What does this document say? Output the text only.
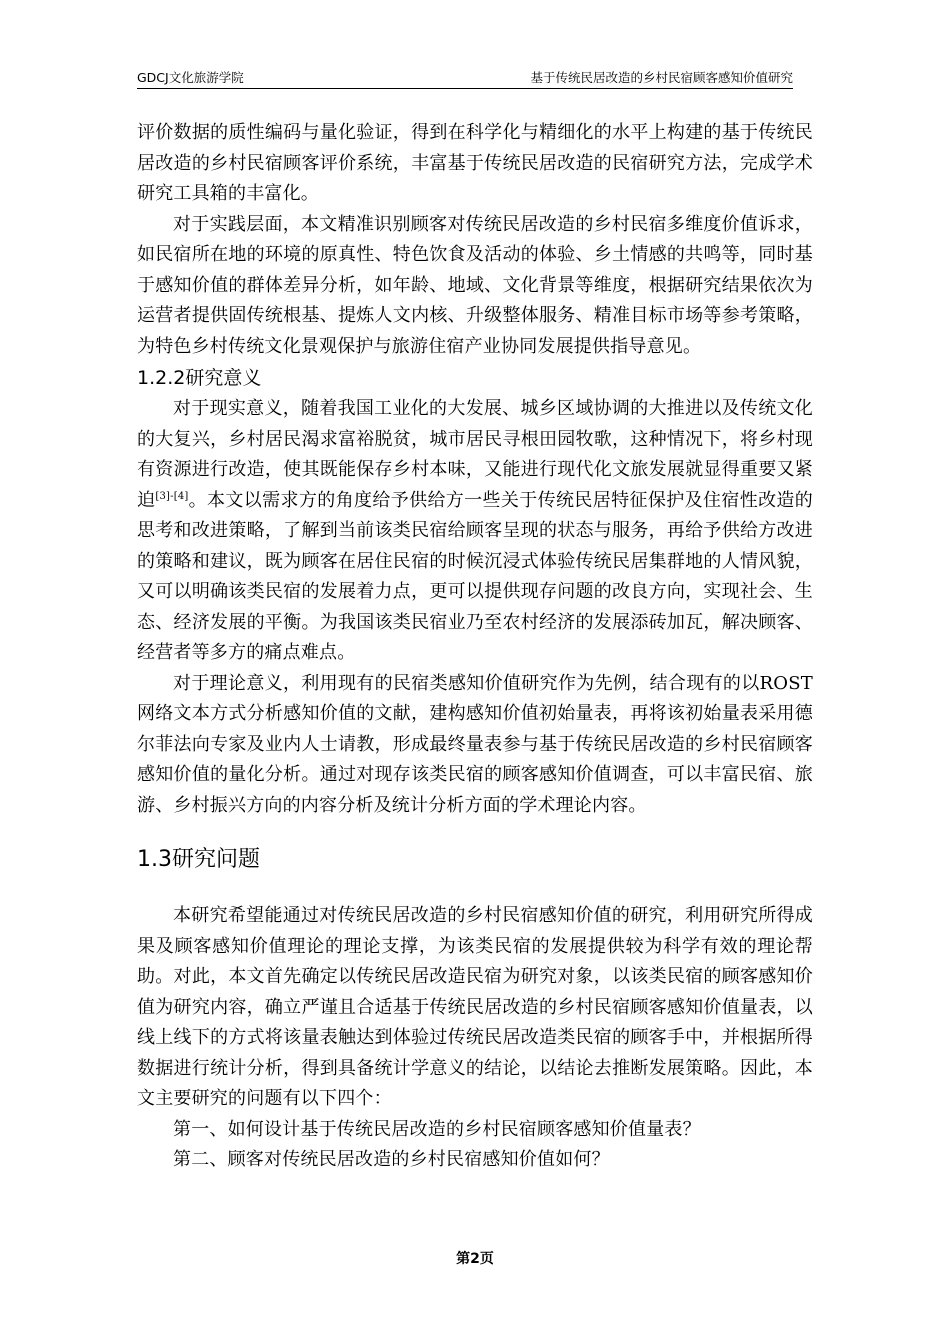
GDCJ文化旅游学院	基于传统民居改造的乡村民宿顾客感知价值研究

评价数据的质性编码与量化验证，得到在科学化与精细化的水平上构建的基于传统民居改造的乡村民宿顾客评价系统，丰富基于传统民居改造的民宿研究方法，完成学术研究工具箱的丰富化。

对于实践层面，本文精准识别顾客对传统民居改造的乡村民宿多维度价值诉求，如民宿所在地的环境的原真性、特色饮食及活动的体验、乡土情感的共鸣等，同时基于感知价值的群体差异分析，如年龄、地域、文化背景等维度，根据研究结果依次为运营者提供固传统根基、提炼人文内核、升级整体服务、精准目标市场等参考策略，为特色乡村传统文化景观保护与旅游住宿产业协同发展提供指导意见。

1.2.2研究意义

对于现实意义，随着我国工业化的大发展、城乡区域协调的大推进以及传统文化的大复兴，乡村居民渴求富裕脱贫，城市居民寻根田园牧歌，这种情况下，将乡村现有资源进行改造，使其既能保存乡村本味，又能进行现代化文旅发展就显得重要又紧迫[3]-[4]。本文以需求方的角度给予供给方一些关于传统民居特征保护及住宿性改造的思考和改进策略，了解到当前该类民宿给顾客呈现的状态与服务，再给予供给方改进的策略和建议，既为顾客在居住民宿的时候沉浸式体验传统民居集群地的人情风貌，又可以明确该类民宿的发展着力点，更可以提供现存问题的改良方向，实现社会、生态、经济发展的平衡。为我国该类民宿业乃至农村经济的发展添砖加瓦，解决顾客、经营者等多方的痛点难点。

对于理论意义，利用现有的民宿类感知价值研究作为先例，结合现有的以ROST网络文本方式分析感知价值的文献，建构感知价值初始量表，再将该初始量表采用德尔菲法向专家及业内人士请教，形成最终量表参与基于传统民居改造的乡村民宿顾客感知价值的量化分析。通过对现存该类民宿的顾客感知价值调查，可以丰富民宿、旅游、乡村振兴方向的内容分析及统计分析方面的学术理论内容。

1.3研究问题

本研究希望能通过对传统民居改造的乡村民宿感知价值的研究，利用研究所得成果及顾客感知价值理论的理论支撑，为该类民宿的发展提供较为科学有效的理论帮助。对此，本文首先确定以传统民居改造民宿为研究对象，以该类民宿的顾客感知价值为研究内容，确立严谨且合适基于传统民居改造的乡村民宿顾客感知价值量表，以线上线下的方式将该量表触达到体验过传统民居改造类民宿的顾客手中，并根据所得数据进行统计分析，得到具备统计学意义的结论，以结论去推断发展策略。因此，本文主要研究的问题有以下四个：

第一、如何设计基于传统民居改造的乡村民宿顾客感知价值量表？

第二、顾客对传统民居改造的乡村民宿感知价值如何？

第2页
